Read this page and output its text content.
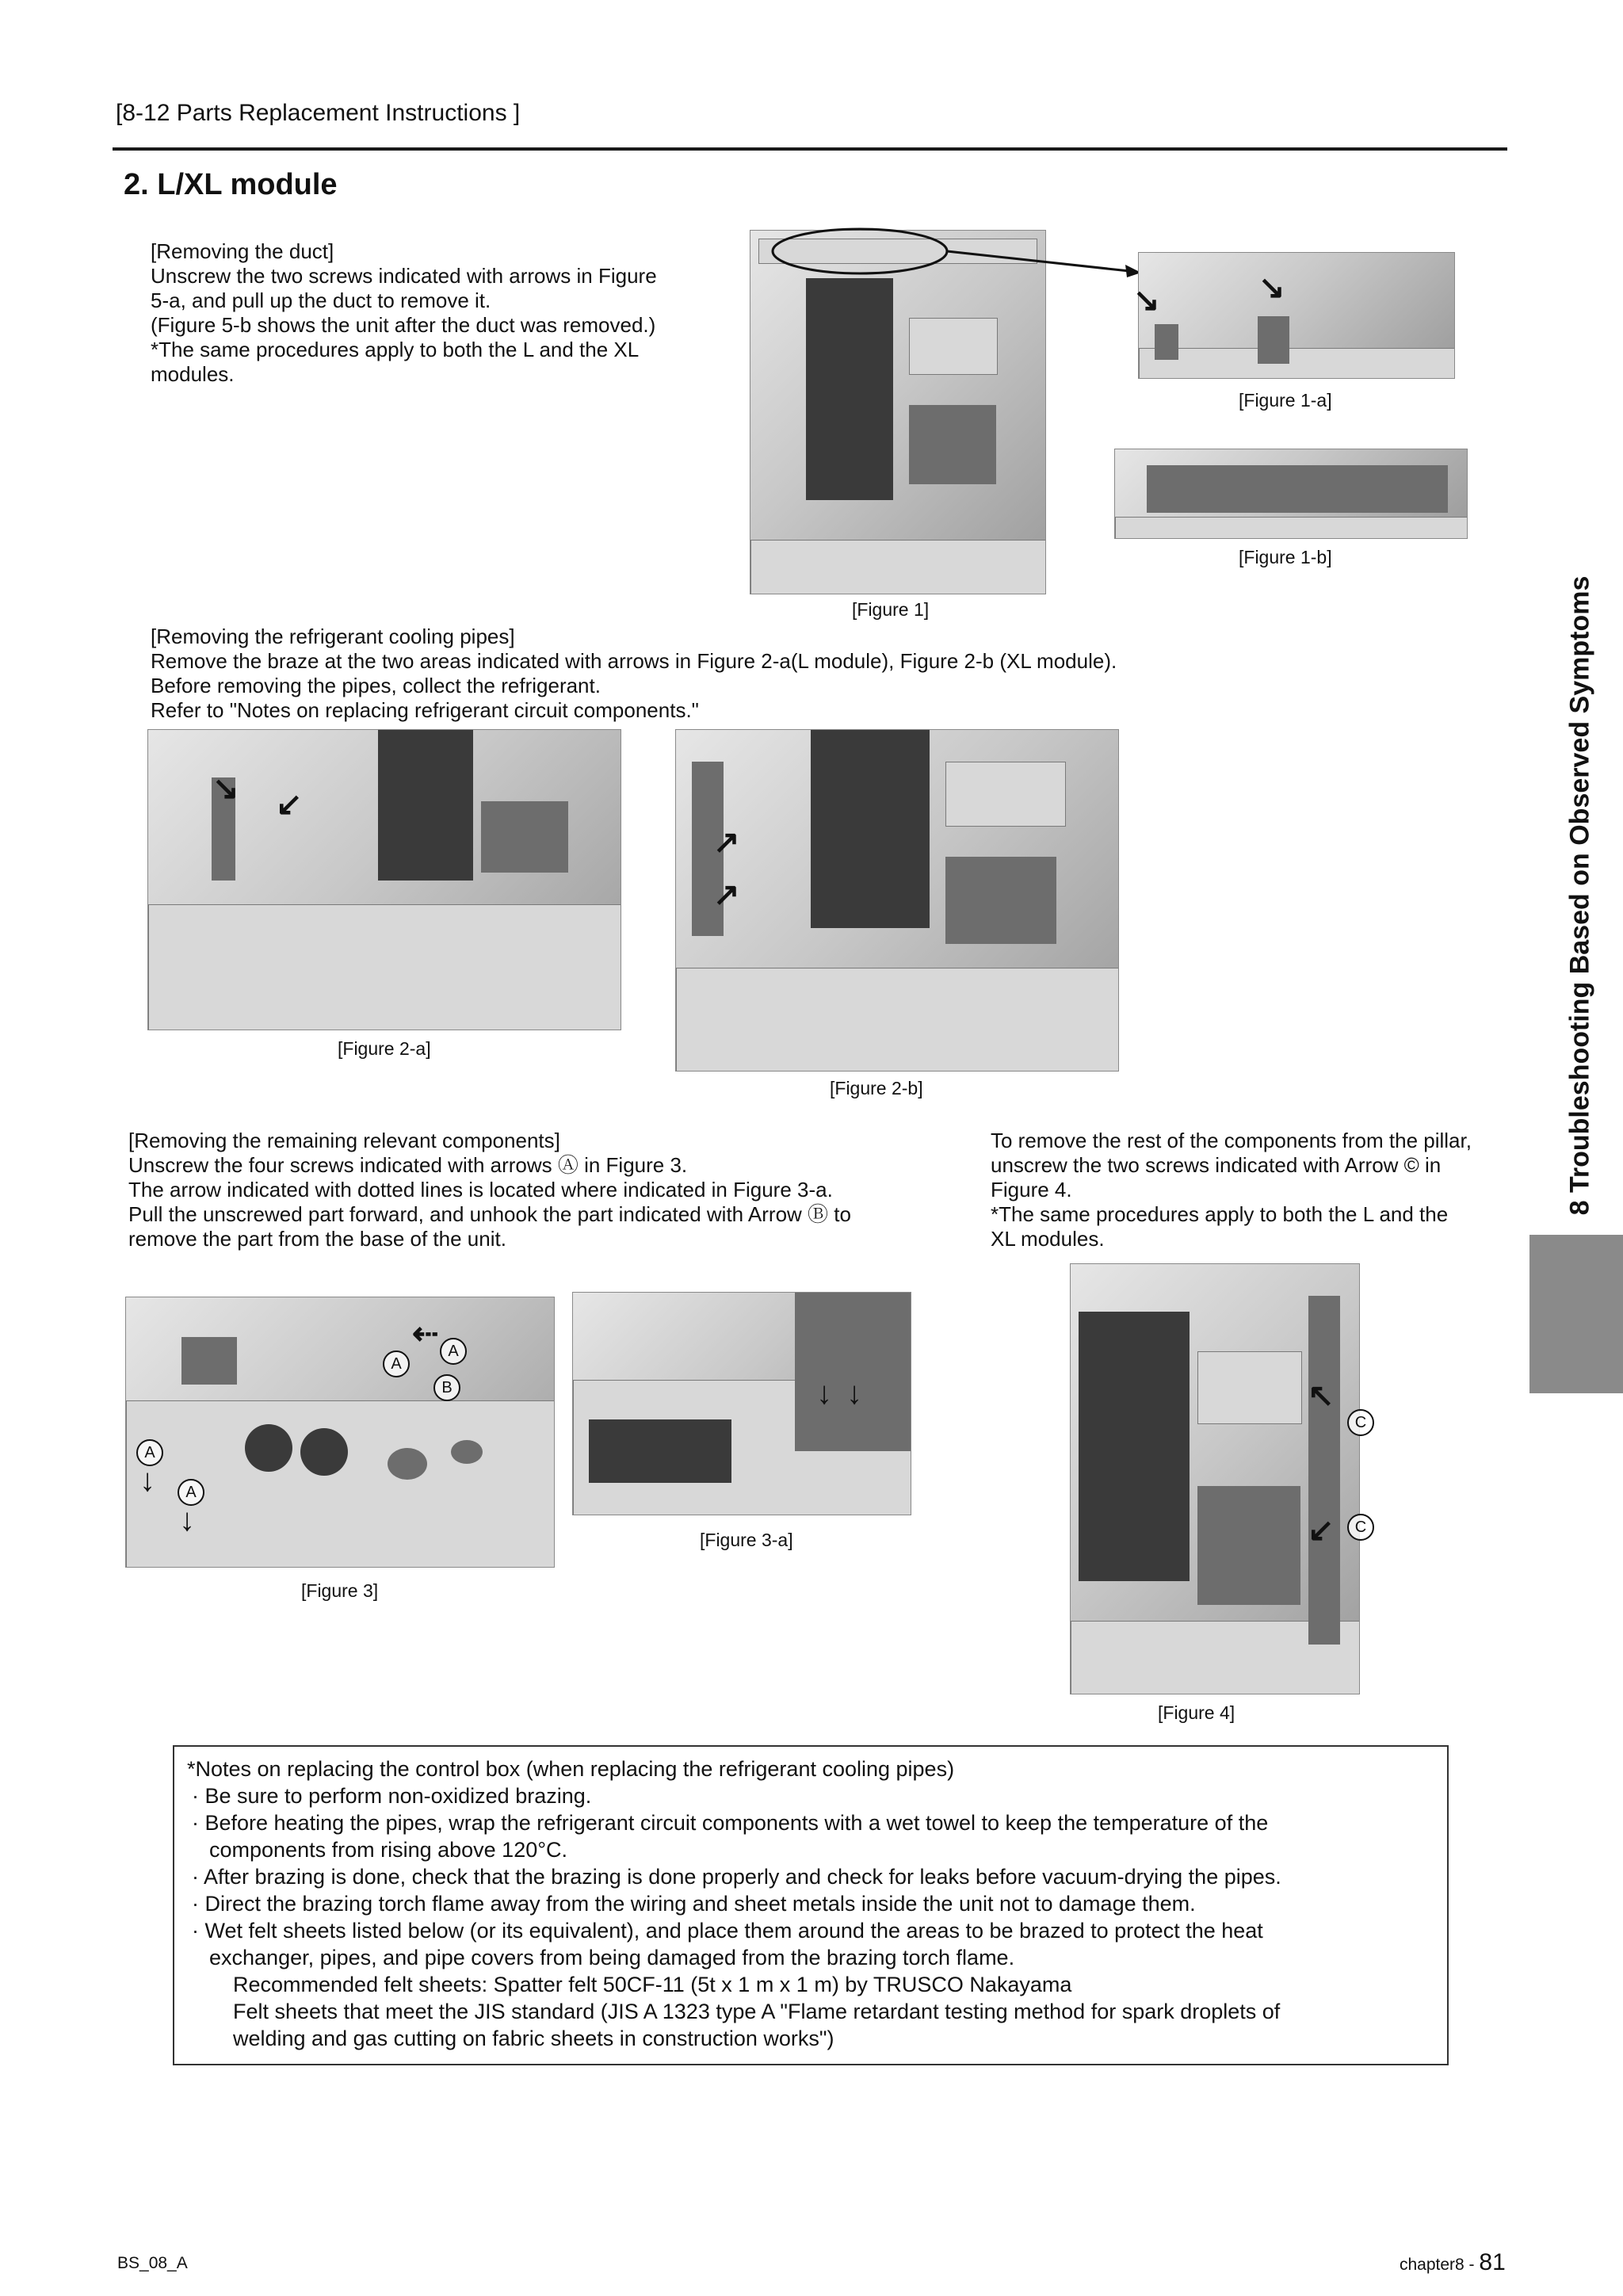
[8-12 Parts Replacement Instructions ]
2. L/XL module
[Removing the duct]
Unscrew the two screws indicated with arrows in Figure
5-a, and pull up the duct to remove it.
(Figure 5-b shows the unit after the duct was removed.)
*The same procedures apply to both the L and the XL
modules.
[Figure 1]
↘	↘
[Figure 1-a]
[Figure 1-b]
[Removing the refrigerant cooling pipes]
Remove the braze at the two areas indicated with arrows in Figure 2-a(L module), Figure 2-b (XL module).
Before removing the pipes, collect the refrigerant.
Refer to "Notes on replacing refrigerant circuit components."
↘ ↙
[Figure 2-a]
↗
↗
[Figure 2-b]
[Removing the remaining relevant components]
Unscrew the four screws indicated with arrows Ⓐ in Figure 3.
The arrow indicated with dotted lines is located where indicated in Figure 3-a.
Pull the unscrewed part forward, and unhook the part indicated with Arrow Ⓑ to
remove the part from the base of the unit.
To remove the rest of the components from the pillar,
unscrew the two screws indicated with Arrow © in
Figure 4.
*The same procedures apply to both the L and the
XL modules.
A
A
B
A
A
⇠
↓
↓
[Figure 3]
↓ ↓
[Figure 3-a]
↖
↙
C
C
[Figure 4]
8 Troubleshooting Based on Observed Symptoms
*Notes on replacing the control box (when replacing the refrigerant cooling pipes)
· Be sure to perform non-oxidized brazing.
· Before heating the pipes, wrap the refrigerant circuit components with a wet towel to keep the temperature of the
components from rising above 120°C.
· After brazing is done, check that the brazing is done properly and check for leaks before vacuum-drying the pipes.
· Direct the brazing torch flame away from the wiring and sheet metals inside the unit not to damage them.
· Wet felt sheets listed below (or its equivalent), and place them around the areas to be brazed to protect the heat
exchanger, pipes, and pipe covers from being damaged from the brazing torch flame.
Recommended felt sheets: Spatter felt 50CF-11 (5t x 1 m x 1 m) by TRUSCO Nakayama
Felt sheets that meet the JIS standard (JIS A 1323 type A "Flame retardant testing method for spark droplets of
welding and gas cutting on fabric sheets in construction works")
BS_08_A	chapter8 - 81
